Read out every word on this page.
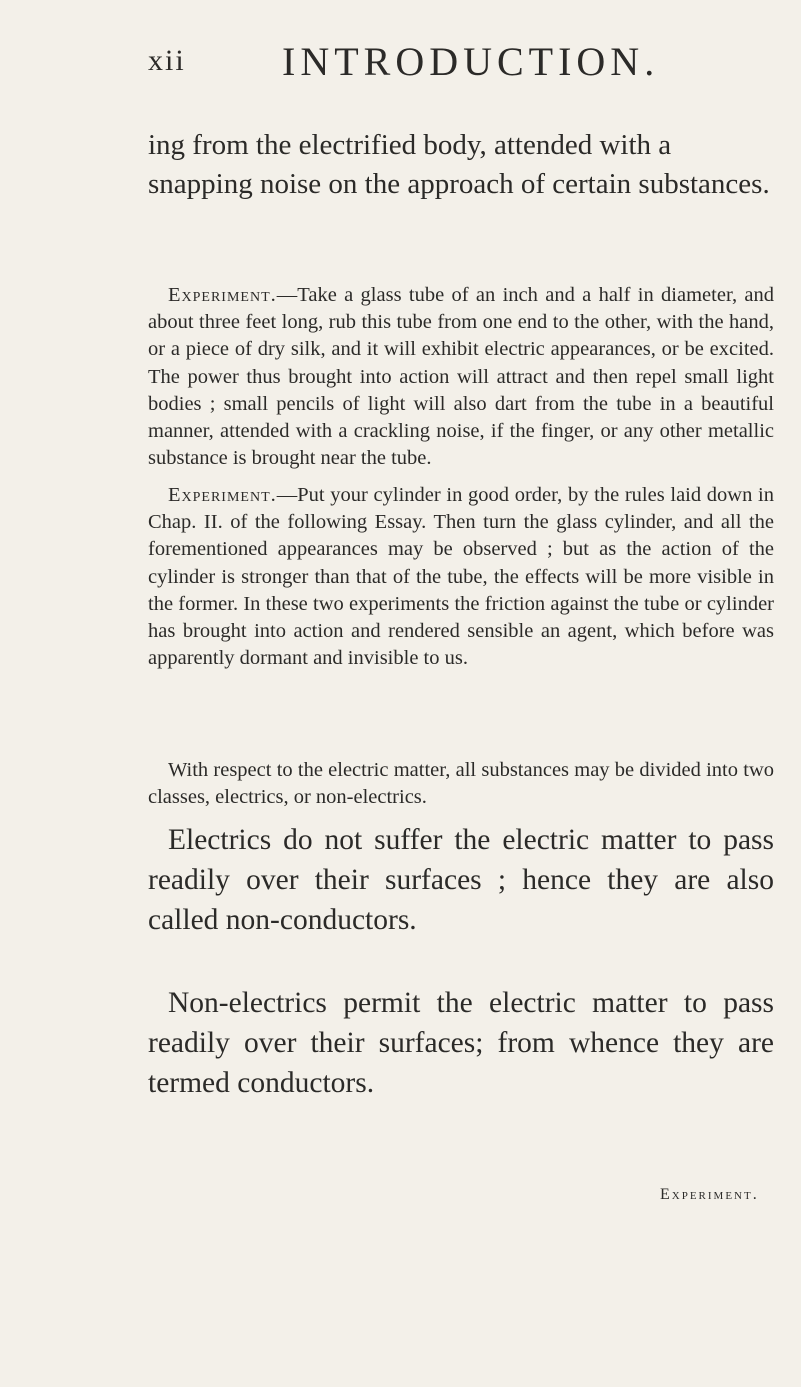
xii INTRODUCTION.

ing from the electrified body, attended with a snapping noise on the approach of certain substances.

Experiment.—Take a glass tube of an inch and a half in diameter, and about three feet long, rub this tube from one end to the other, with the hand, or a piece of dry silk, and it will exhibit electric appearances, or be excited. The power thus brought into action will attract and then repel small light bodies ; small pencils of light will also dart from the tube in a beautiful manner, attended with a crackling noise, if the finger, or any other metallic substance is brought near the tube.

Experiment.—Put your cylinder in good order, by the rules laid down in Chap. II. of the following Essay. Then turn the glass cylinder, and all the forementioned appearances may be observed ; but as the action of the cylinder is stronger than that of the tube, the effects will be more visible in the former. In these two experiments the friction against the tube or cylinder has brought into action and rendered sensible an agent, which before was apparently dormant and invisible to us.

With respect to the electric matter, all substances may be divided into two classes, electrics, or non-electrics.

Electrics do not suffer the electric matter to pass readily over their surfaces ; hence they are also called non-conductors.

Non-electrics permit the electric matter to pass readily over their surfaces; from whence they are termed conductors.

Experiment.
